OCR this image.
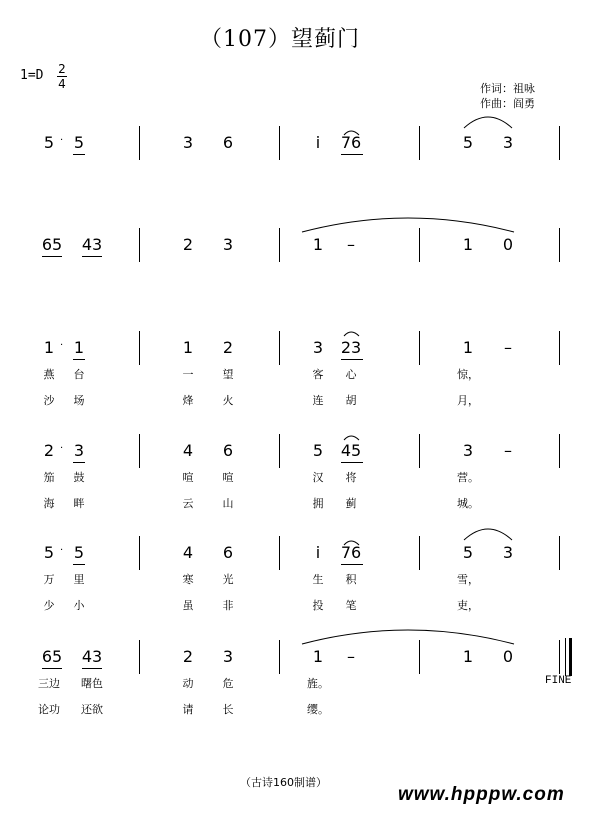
（107）望蓟门
1=D 2
4	作词：祖咏
作曲：阎勇
5	5	3	6	i	76	5	3
·
65 43	2	3	1	–	1	0
1	1	1	2	3	23	1	–
·
燕	台	一	望	客	心	惊，
沙	场	烽	火	连	胡	月，
2	3	4	6	5	45	3	–
·
笳	鼓	喧	喧	汉	将	营。
海	畔	云	山	拥	蓟	城。
5	5	4	6	i	76	5	3
·
万	里	寒	光	生	积	雪，
少	小	虽	非	投	笔	吏，
65 43	2	3	1	–	1	0
三边	曙色	动	危	旌。
论功	还欲	请	长	缨。
FINE
（古诗160制谱）
www.hpppw.com
